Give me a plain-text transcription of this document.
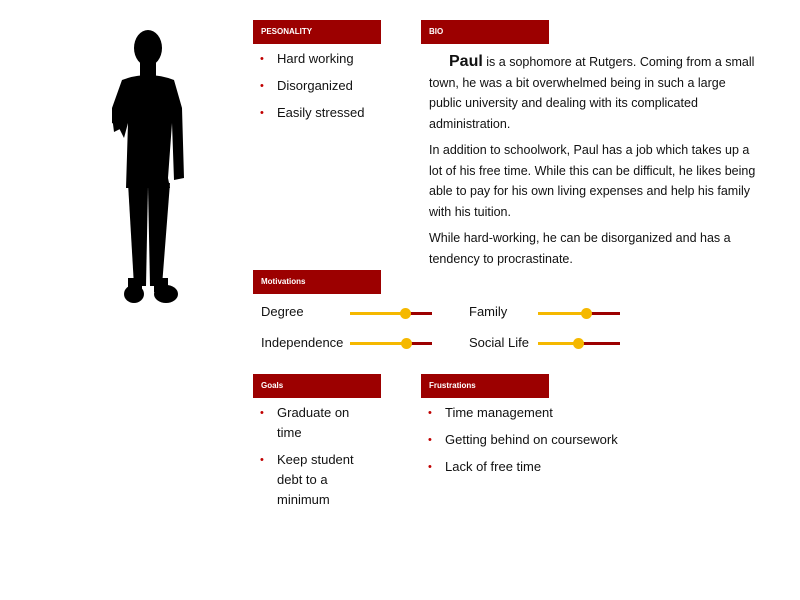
PESONALITY
• Hard working
• Disorganized
• Easily stressed
BIO

Paul is a sophomore at Rutgers. Coming from a small town, he was a bit overwhelmed being in such a large public university and dealing with its complicated administration.

In addition to schoolwork, Paul has a job which takes up a lot of his free time. While this can be difficult, he likes being able to pay for his own living expenses and help his family with his tuition.

While hard-working, he can be disorganized and has a tendency to procrastinate.

Motivations
Degree
Independence
Family
Social Life
Goals
• Graduate on time
• Keep student debt to a minimum
Frustrations
• Time management
• Getting behind on coursework
• Lack of free time
